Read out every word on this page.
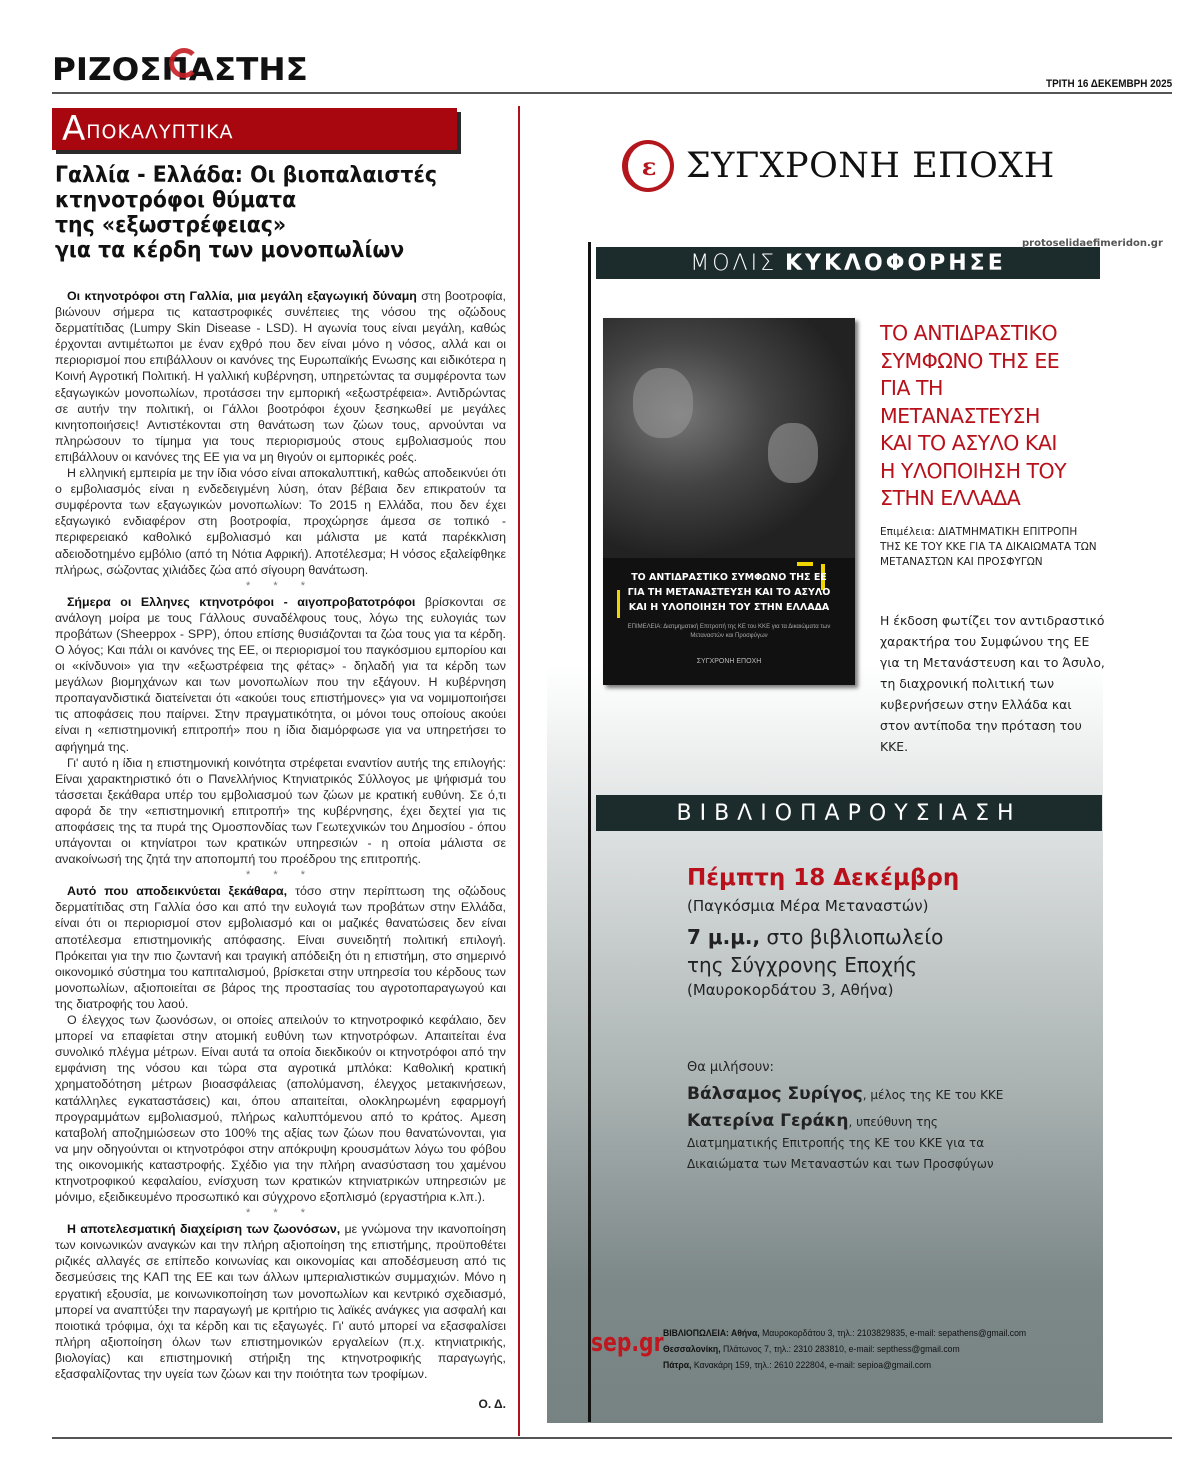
ΡΙΖΟΣΠΑΣΤΗΣ	ΤΡΙΤΗ 16 ΔΕΚΕΜΒΡΗ 2025
Α ποκαλυπτικα
Γαλλία - Ελλάδα: Οι βιοπαλαιστές
κτηνοτρόφοι θύματα
της «εξωστρέφειας»
για τα κέρδη των μονοπωλίων

Οι κτηνοτρόφοι στη Γαλλία, μια μεγάλη εξαγωγική δύναμη στη βοοτροφία, βιώνουν σήμερα τις καταστροφικές συνέπειες της νόσου της οζώδους δερματίτιδας (Lumpy Skin Disease - LSD). Η αγωνία τους είναι μεγάλη, καθώς έρχονται αντιμέτωποι με έναν εχθρό που δεν είναι μόνο η νόσος, αλλά και οι περιορισμοί που επιβάλλουν οι κανόνες της Ευρωπαϊκής Ενωσης και ειδικότερα η Κοινή Αγροτική Πολιτική. Η γαλλική κυβέρνηση, υπηρετώντας τα συμφέροντα των εξαγωγικών μονοπωλίων, προτάσσει την εμπορική «εξωστρέφεια». Αντιδρώντας σε αυτήν την πολιτική, οι Γάλλοι βοοτρόφοι έχουν ξεσηκωθεί με μεγάλες κινητοποιήσεις! Αντιστέκονται στη θανάτωση των ζώων τους, αρνούνται να πληρώσουν το τίμημα για τους περιορισμούς στους εμβολιασμούς που επιβάλλουν οι κανόνες της ΕΕ για να μη θιγούν οι εμπορικές ροές.

Η ελληνική εμπειρία με την ίδια νόσο είναι αποκαλυπτική, καθώς αποδεικνύει ότι ο εμβολιασμός είναι η ενδεδειγμένη λύση, όταν βέβαια δεν επικρατούν τα συμφέροντα των εξαγωγικών μονοπωλίων: Το 2015 η Ελλάδα, που δεν έχει εξαγωγικό ενδιαφέρον στη βοοτροφία, προχώρησε άμεσα σε τοπικό - περιφερειακό καθολικό εμβολιασμό και μάλιστα με κατά παρέκκλιση αδειοδοτημένο εμβόλιο (από τη Νότια Αφρική). Αποτέλεσμα; Η νόσος εξαλείφθηκε πλήρως, σώζοντας χιλιάδες ζώα από σίγουρη θανάτωση.

* * *

Σήμερα οι Ελληνες κτηνοτρόφοι - αιγοπροβατοτρόφοι βρίσκονται σε ανάλογη μοίρα με τους Γάλλους συναδέλφους τους, λόγω της ευλογιάς των προβάτων (Sheeppox - SPP), όπου επίσης θυσιάζονται τα ζώα τους για τα κέρδη. Ο λόγος; Και πάλι οι κανόνες της ΕΕ, οι περιορισμοί του παγκόσμιου εμπορίου και οι «κίνδυνοι» για την «εξωστρέφεια της φέτας» - δηλαδή για τα κέρδη των μεγάλων βιομηχάνων και των μονοπωλίων που την εξάγουν. Η κυβέρνηση προπαγανδιστικά διατείνεται ότι «ακούει τους επιστήμονες» για να νομιμοποιήσει τις αποφάσεις που παίρνει. Στην πραγματικότητα, οι μόνοι τους οποίους ακούει είναι η «επιστημονική επιτροπή» που η ίδια διαμόρφωσε για να υπηρετήσει το αφήγημά της.

Γι' αυτό η ίδια η επιστημονική κοινότητα στρέφεται εναντίον αυτής της επιλογής: Είναι χαρακτηριστικό ότι ο Πανελλήνιος Κτηνιατρικός Σύλλογος με ψήφισμά του τάσσεται ξεκάθαρα υπέρ του εμβολιασμού των ζώων με κρατική ευθύνη. Σε ό,τι αφορά δε την «επιστημονική επιτροπή» της κυβέρνησης, έχει δεχτεί για τις αποφάσεις της τα πυρά της Ομοσπονδίας των Γεωτεχνικών του Δημοσίου - όπου υπάγονται οι κτηνίατροι των κρατικών υπηρεσιών - η οποία μάλιστα σε ανακοίνωσή της ζητά την αποπομπή του προέδρου της επιτροπής.

* * *

Αυτό που αποδεικνύεται ξεκάθαρα, τόσο στην περίπτωση της οζώδους δερματίτιδας στη Γαλλία όσο και από την ευλογιά των προβάτων στην Ελλάδα, είναι ότι οι περιορισμοί στον εμβολιασμό και οι μαζικές θανατώσεις δεν είναι αποτέλεσμα επιστημονικής απόφασης. Είναι συνειδητή πολιτική επιλογή. Πρόκειται για την πιο ζωντανή και τραγική απόδειξη ότι η επιστήμη, στο σημερινό οικονομικό σύστημα του καπιταλισμού, βρίσκεται στην υπηρεσία του κέρδους των μονοπωλίων, αξιοποιείται σε βάρος της προστασίας του αγροτοπαραγωγού και της διατροφής του λαού.

Ο έλεγχος των ζωονόσων, οι οποίες απειλούν το κτηνοτροφικό κεφάλαιο, δεν μπορεί να επαφίεται στην ατομική ευθύνη των κτηνοτρόφων. Απαιτείται ένα συνολικό πλέγμα μέτρων. Είναι αυτά τα οποία διεκδικούν οι κτηνοτρόφοι από την εμφάνιση της νόσου και τώρα στα αγροτικά μπλόκα: Καθολική κρατική χρηματοδότηση μέτρων βιοασφάλειας (απολύμανση, έλεγχος μετακινήσεων, κατάλληλες εγκαταστάσεις) και, όπου απαιτείται, ολοκληρωμένη εφαρμογή προγραμμάτων εμβολιασμού, πλήρως καλυπτόμενου από το κράτος. Αμεση καταβολή αποζημιώσεων στο 100% της αξίας των ζώων που θανατώνονται, για να μην οδηγούνται οι κτηνοτρόφοι στην απόκρυψη κρουσμάτων λόγω του φόβου της οικονομικής καταστροφής. Σχέδιο για την πλήρη ανασύσταση του χαμένου κτηνοτροφικού κεφαλαίου, ενίσχυση των κρατικών κτηνιατρικών υπηρεσιών με μόνιμο, εξειδικευμένο προσωπικό και σύγχρονο εξοπλισμό (εργαστήρια κ.λπ.).

* * *

Η αποτελεσματική διαχείριση των ζωονόσων, με γνώμονα την ικανοποίηση των κοινωνικών αναγκών και την πλήρη αξιοποίηση της επιστήμης, προϋποθέτει ριζικές αλλαγές σε επίπεδο κοινωνίας και οικονομίας και αποδέσμευση από τις δεσμεύσεις της ΚΑΠ της ΕΕ και των άλλων ιμπεριαλιστικών συμμαχιών. Μόνο η εργατική εξουσία, με κοινωνικοποίηση των μονοπωλίων και κεντρικό σχεδιασμό, μπορεί να αναπτύξει την παραγωγή με κριτήριο τις λαϊκές ανάγκες για ασφαλή και ποιοτικά τρόφιμα, όχι τα κέρδη και τις εξαγωγές. Γι' αυτό μπορεί να εξασφαλίσει πλήρη αξιοποίηση όλων των επιστημονικών εργαλείων (π.χ. κτηνιατρικής, βιολογίας) και επιστημονική στήριξη της κτηνοτροφικής παραγωγής, εξασφαλίζοντας την υγεία των ζώων και την ποιότητα των τροφίμων.

Ο. Δ.

ε ΣΥΓΧΡΟΝΗ ΕΠΟΧΗ
ΜΟΛΙΣ ΚΥΚΛΟΦΟΡΗΣΕ
protoselidaefimeridon.gr
ΤΟ ΑΝΤΙΔΡΑΣΤΙΚΟ ΣΥΜΦΩΝΟ ΤΗΣ ΕΕ
ΓΙΑ ΤΗ ΜΕΤΑΝΑΣΤΕΥΣΗ ΚΑΙ ΤΟ ΑΣΥΛΟ
ΚΑΙ Η ΥΛΟΠΟΙΗΣΗ ΤΟΥ ΣΤΗΝ ΕΛΛΑΔΑ
ΕΠΙΜΕΛΕΙΑ: Διατμηματική Επιτροπή της ΚΕ του ΚΚΕ για τα Δικαιώματα των Μεταναστών και Προσφύγων
ΣΥΓΧΡΟΝΗ ΕΠΟΧΗ
ΤΟ ΑΝΤΙΔΡΑΣΤΙΚΟ
ΣΥΜΦΩΝΟ ΤΗΣ ΕΕ
ΓΙΑ ΤΗ
ΜΕΤΑΝΑΣΤΕΥΣΗ
ΚΑΙ ΤΟ ΑΣΥΛΟ ΚΑΙ
Η ΥΛΟΠΟΙΗΣΗ ΤΟΥ
ΣΤΗΝ ΕΛΛΑΔΑ
Επιμέλεια: ΔΙΑΤΜΗΜΑΤΙΚΗ ΕΠΙΤΡΟΠΗ ΤΗΣ ΚΕ ΤΟΥ ΚΚΕ ΓΙΑ ΤΑ ΔΙΚΑΙΩΜΑΤΑ ΤΩΝ ΜΕΤΑΝΑΣΤΩΝ ΚΑΙ ΠΡΟΣΦΥΓΩΝ
Η έκδοση φωτίζει τον αντιδραστικό χαρακτήρα του Συμφώνου της ΕΕ για τη Μετανάστευση και το Άσυλο, τη διαχρονική πολιτική των κυβερνήσεων στην Ελλάδα και στον αντίποδα την πρόταση του ΚΚΕ.
ΒΙΒΛΙΟΠΑΡΟΥΣΙΑΣΗ
Πέμπτη 18 Δεκέμβρη
(Παγκόσμια Μέρα Μεταναστών)
7 μ.μ., στο βιβλιοπωλείο
της Σύγχρονης Εποχής
(Μαυροκορδάτου 3, Αθήνα)
Θα μιλήσουν:
Βάλσαμος Συρίγος, μέλος της ΚΕ του ΚΚΕ
Κατερίνα Γεράκη, υπεύθυνη της Διατμηματικής Επιτροπής της ΚΕ του ΚΚΕ για τα Δικαιώματα των Μεταναστών και των Προσφύγων
sep.gr ΒΙΒΛΙΟΠΩΛΕΙΑ: Αθήνα, Μαυροκορδάτου 3, τηλ.: 2103829835, e-mail: sepathens@gmail.com
Θεσσαλονίκη, Πλάτωνος 7, τηλ.: 2310 283810, e-mail: septhess@gmail.com
Πάτρα, Κανακάρη 159, τηλ.: 2610 222804, e-mail: sepioa@gmail.com
